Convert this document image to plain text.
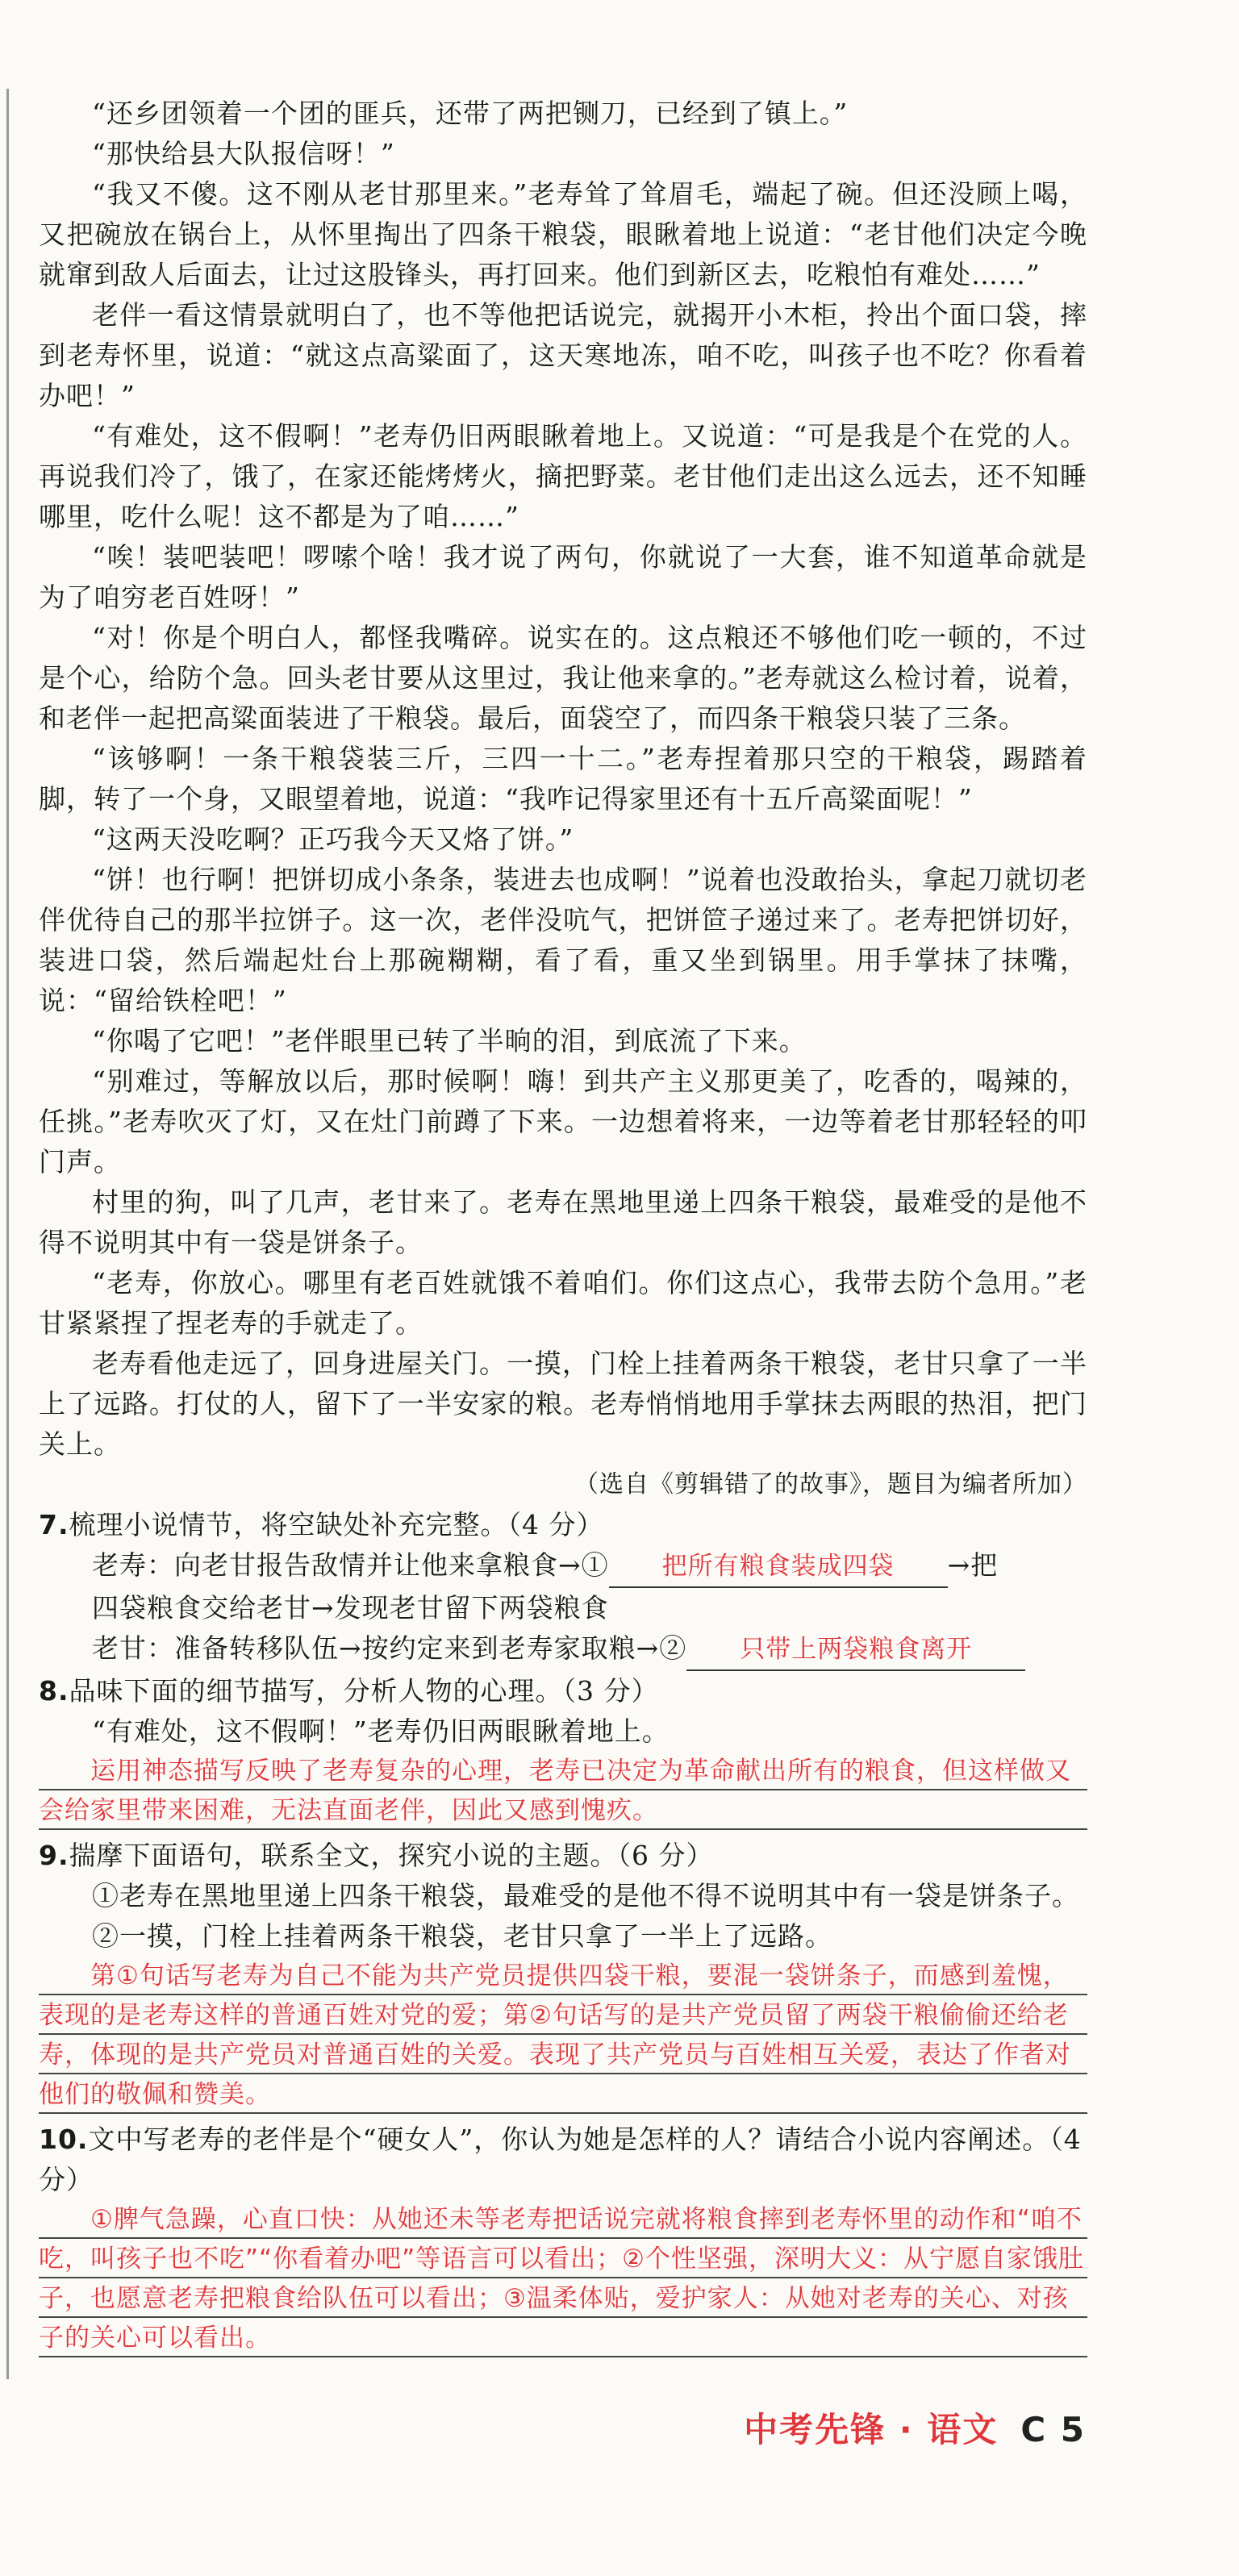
“还乡团领着一个团的匪兵，还带了两把铡刀，已经到了镇上。”

“那快给县大队报信呀！”

“我又不傻。这不刚从老甘那里来。”老寿耸了耸眉毛，端起了碗。但还没顾上喝，又把碗放在锅台上，从怀里掏出了四条干粮袋，眼瞅着地上说道：“老甘他们决定今晚就窜到敌人后面去，让过这股锋头，再打回来。他们到新区去，吃粮怕有难处……”

老伴一看这情景就明白了，也不等他把话说完，就揭开小木柜，拎出个面口袋，摔到老寿怀里，说道：“就这点高粱面了，这天寒地冻，咱不吃，叫孩子也不吃？你看着办吧！”

“有难处，这不假啊！”老寿仍旧两眼瞅着地上。又说道：“可是我是个在党的人。再说我们冷了，饿了，在家还能烤烤火，摘把野菜。老甘他们走出这么远去，还不知睡哪里，吃什么呢！这不都是为了咱……”

“唉！装吧装吧！啰嗦个啥！我才说了两句，你就说了一大套，谁不知道革命就是为了咱穷老百姓呀！”

“对！你是个明白人，都怪我嘴碎。说实在的。这点粮还不够他们吃一顿的，不过是个心，给防个急。回头老甘要从这里过，我让他来拿的。”老寿就这么检讨着，说着，和老伴一起把高粱面装进了干粮袋。最后，面袋空了，而四条干粮袋只装了三条。

“该够啊！一条干粮袋装三斤，三四一十二。”老寿捏着那只空的干粮袋，踢踏着脚，转了一个身，又眼望着地，说道：“我咋记得家里还有十五斤高粱面呢！”

“这两天没吃啊？正巧我今天又烙了饼。”

“饼！也行啊！把饼切成小条条，装进去也成啊！”说着也没敢抬头，拿起刀就切老伴优待自己的那半拉饼子。这一次，老伴没吭气，把饼笸子递过来了。老寿把饼切好，装进口袋，然后端起灶台上那碗糊糊，看了看，重又坐到锅里。用手掌抹了抹嘴，说：“留给铁栓吧！”

“你喝了它吧！”老伴眼里已转了半晌的泪，到底流了下来。

“别难过，等解放以后，那时候啊！嗨！到共产主义那更美了，吃香的，喝辣的，任挑。”老寿吹灭了灯，又在灶门前蹲了下来。一边想着将来，一边等着老甘那轻轻的叩门声。

村里的狗，叫了几声，老甘来了。老寿在黑地里递上四条干粮袋，最难受的是他不得不说明其中有一袋是饼条子。

“老寿，你放心。哪里有老百姓就饿不着咱们。你们这点心，我带去防个急用。”老甘紧紧捏了捏老寿的手就走了。

老寿看他走远了，回身进屋关门。一摸，门栓上挂着两条干粮袋，老甘只拿了一半上了远路。打仗的人，留下了一半安家的粮。老寿悄悄地用手掌抹去两眼的热泪，把门关上。

（选自《剪辑错了的故事》，题目为编者所加）

7.梳理小说情节，将空缺处补充完整。（4 分）

老寿：向老甘报告敌情并让他来拿粮食→① 把所有粮食装成四袋 →把

四袋粮食交给老甘→发现老甘留下两袋粮食

老甘：准备转移队伍→按约定来到老寿家取粮→② 只带上两袋粮食离开

8.品味下面的细节描写，分析人物的心理。（3 分）

“有难处，这不假啊！”老寿仍旧两眼瞅着地上。

运用神态描写反映了老寿复杂的心理，老寿已决定为革命献出所有的粮食，但这样做又会给家里带来困难，无法直面老伴，因此又感到愧疚。

9.揣摩下面语句，联系全文，探究小说的主题。（6 分）

①老寿在黑地里递上四条干粮袋，最难受的是他不得不说明其中有一袋是饼条子。

②一摸，门栓上挂着两条干粮袋，老甘只拿了一半上了远路。

第①句话写老寿为自己不能为共产党员提供四袋干粮，要混一袋饼条子，而感到羞愧，表现的是老寿这样的普通百姓对党的爱；第②句话写的是共产党员留了两袋干粮偷偷还给老寿，体现的是共产党员对普通百姓的关爱。表现了共产党员与百姓相互关爱，表达了作者对他们的敬佩和赞美。

10.文中写老寿的老伴是个“硬女人”，你认为她是怎样的人？请结合小说内容阐述。（4 分）

①脾气急躁，心直口快：从她还未等老寿把话说完就将粮食摔到老寿怀里的动作和“咱不吃，叫孩子也不吃”“你看着办吧”等语言可以看出；②个性坚强，深明大义：从宁愿自家饿肚子，也愿意老寿把粮食给队伍可以看出；③温柔体贴，爱护家人：从她对老寿的关心、对孩子的关心可以看出。

中考先锋 · 语文 C 5
